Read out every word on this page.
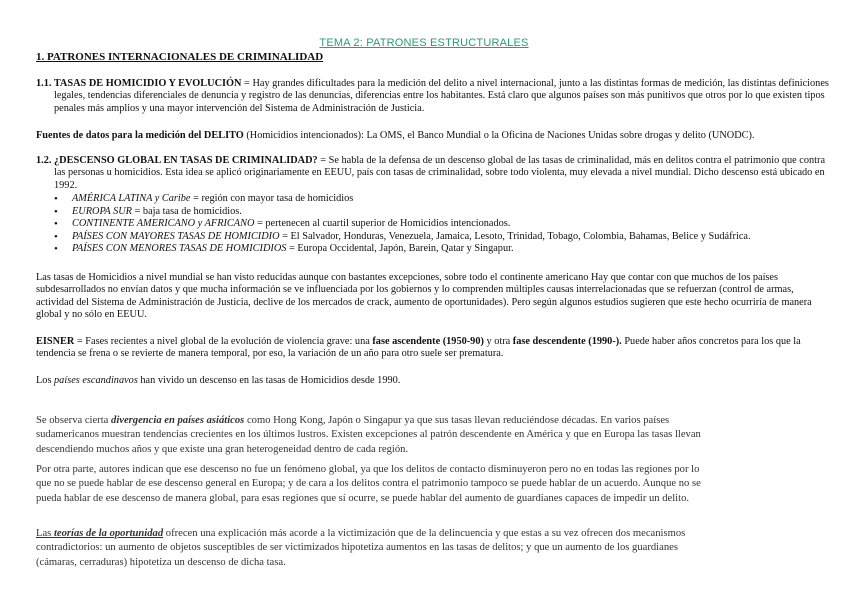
TEMA 2: PATRONES ESTRUCTURALES
1. PATRONES INTERNACIONALES DE CRIMINALIDAD

1.1. TASAS DE HOMICIDIO Y EVOLUCIÓN = Hay grandes dificultades para la medición del delito a nivel internacional, junto a las distintas formas de medición, las distintas definiciones legales, tendencias diferenciales de denuncia y registro de las denuncias, diferencias entre los habitantes. Está claro que algunos países son más punitivos que otros por lo que existen tipos penales más amplios y una mayor intervención del Sistema de Administración de Justicia.

Fuentes de datos para la medición del DELITO (Homicidios intencionados): La OMS, el Banco Mundial o la Oficina de Naciones Unidas sobre drogas y delito (UNODC).

1.2. ¿DESCENSO GLOBAL EN TASAS DE CRIMINALIDAD? = Se habla de la defensa de un descenso global de las tasas de criminalidad, más en delitos contra el patrimonio que contra las personas u homicidios. Esta idea se aplicó originariamente en EEUU, país con tasas de criminalidad, sobre todo violenta, muy elevada a nivel mundial. Dicho descenso está ubicado en 1992.

• AMÉRICA LATINA y Caribe = región con mayor tasa de homicidios
• EUROPA SUR = baja tasa de homicidios.
• CONTINENTE AMERICANO y AFRICANO = pertenecen al cuartil superior de Homicidios intencionados.
• PAÍSES CON MAYORES TASAS DE HOMICIDIO = El Salvador, Honduras, Venezuela, Jamaica, Lesoto, Trinidad, Tobago, Colombia, Bahamas, Belice y Sudáfrica.
• PAÍSES CON MENORES TASAS DE HOMICIDIOS = Europa Occidental, Japón, Barein, Qatar y Singapur.

Las tasas de Homicidios a nivel mundial se han visto reducidas aunque con bastantes excepciones, sobre todo el continente americano Hay que contar con que muchos de los países subdesarrollados no envían datos y que mucha información se ve influenciada por los gobiernos y lo comprenden múltiples causas interrelacionadas que se refuerzan (control de armas, actividad del Sistema de Administración de Justicia, declive de los mercados de crack, aumento de oportunidades). Pero según algunos estudios sugieren que este hecho ocurriría de manera global y no sólo en EEUU.

EISNER = Fases recientes a nivel global de la evolución de violencia grave: una fase ascendente (1950-90) y otra fase descendente (1990-). Puede haber años concretos para los que la tendencia se frena o se revierte de manera temporal, por eso, la variación de un año para otro suele ser prematura.

Los países escandinavos han vivido un descenso en las tasas de Homicidios desde 1990.

Se observa cierta divergencia en países asiáticos como Hong Kong, Japón o Singapur ya que sus tasas llevan reduciéndose décadas. En varios países sudamericanos muestran tendencias crecientes en los últimos lustros. Existen excepciones al patrón descendente en América y que en Europa las tasas llevan descendiendo muchos años y que existe una gran heterogeneidad dentro de cada región.

Por otra parte, autores indican que ese descenso no fue un fenómeno global, ya que los delitos de contacto disminuyeron pero no en todas las regiones por lo que no se puede hablar de ese descenso general en Europa; y de cara a los delitos contra el patrimonio tampoco se puede hablar de un acuerdo. Aunque no se pueda hablar de ese descenso de manera global, para esas regiones que sí ocurre, se puede hablar del aumento de guardianes capaces de impedir un delito.

Las teorías de la oportunidad ofrecen una explicación más acorde a la victimización que de la delincuencia y que estas a su vez ofrecen dos mecanismos contradictorios: un aumento de objetos susceptibles de ser victimizados hipotetiza aumentos en las tasas de delitos; y que un aumento de los guardianes (cámaras, cerraduras) hipotetiza un descenso de dicha tasa.
